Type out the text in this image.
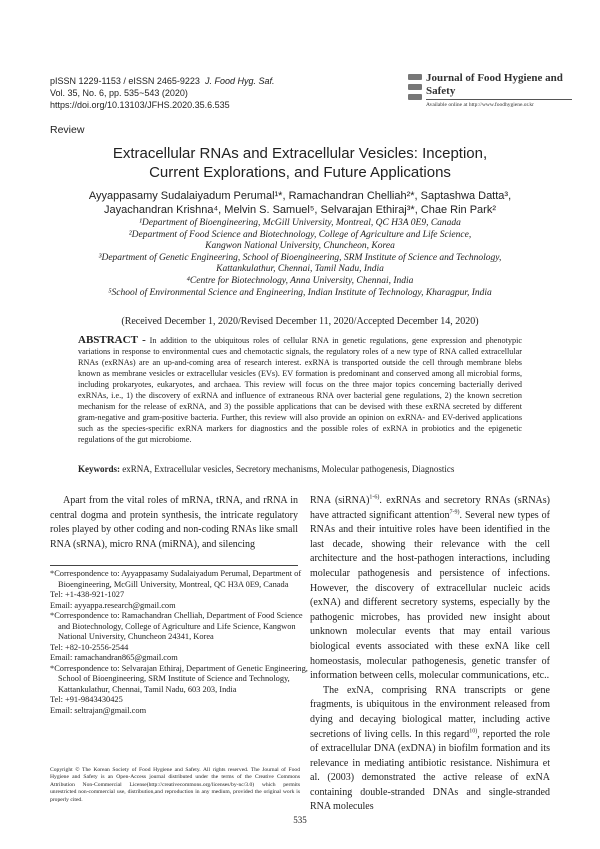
pISSN 1229-1153 / eISSN 2465-9223 J. Food Hyg. Saf.
Vol. 35, No. 6, pp. 535~543 (2020)
https://doi.org/10.13103/JFHS.2020.35.6.535
Journal of Food Hygiene and Safety
Available online at http://www.foodhygiene.or.kr
Review
Extracellular RNAs and Extracellular Vesicles: Inception,
Current Explorations, and Future Applications
Ayyappasamy Sudalaiyadum Perumal¹*, Ramachandran Chelliah²*, Saptashwa Datta³,
Jayachandran Krishna⁴, Melvin S. Samuel⁵, Selvarajan Ethiraj³*, Chae Rin Park²
¹Department of Bioengineering, McGill University, Montreal, QC H3A 0E9, Canada
²Department of Food Science and Biotechnology, College of Agriculture and Life Science,
Kangwon National University, Chuncheon, Korea
³Department of Genetic Engineering, School of Bioengineering, SRM Institute of Science and Technology,
Kattankulathur, Chennai, Tamil Nadu, India
⁴Centre for Biotechnology, Anna University, Chennai, India
⁵School of Environmental Science and Engineering, Indian Institute of Technology, Kharagpur, India
(Received December 1, 2020/Revised December 11, 2020/Accepted December 14, 2020)
ABSTRACT - In addition to the ubiquitous roles of cellular RNA in genetic regulations, gene expression and phenotypic variations in response to environmental cues and chemotactic signals, the regulatory roles of a new type of RNA called extracellular RNAs (exRNAs) are an up-and-coming area of research interest. exRNA is transported outside the cell through membrane blebs known as membrane vesicles or extracellular vesicles (EVs). EV formation is predominant and conserved among all microbial forms, including prokaryotes, eukaryotes, and archaea. This review will focus on the three major topics concerning bacterially derived exRNAs, i.e., 1) the discovery of exRNA and influence of extraneous RNA over bacterial gene regulations, 2) the known secretion mechanism for the release of exRNA, and 3) the possible applications that can be devised with these exRNA secreted by different gram-negative and gram-positive bacteria. Further, this review will also provide an opinion on exRNA- and EV-derived applications such as the species-specific exRNA markers for diagnostics and the possible roles of exRNA in probiotics and the epigenetic regulations of the gut microbiome.
Keywords: exRNA, Extracellular vesicles, Secretory mechanisms, Molecular pathogenesis, Diagnostics
Apart from the vital roles of mRNA, tRNA, and rRNA in central dogma and protein synthesis, the intricate regulatory roles played by other coding and non-coding RNAs like small RNA (sRNA), micro RNA (miRNA), and silencing
RNA (siRNA)$^{1-6)}$. exRNAs and secretory RNAs (sRNAs) have attracted significant attention$^{7-9)}$. Several new types of RNAs and their intuitive roles have been identified in the last decade, showing their relevance with the cell architecture and the host-pathogen interactions, including molecular pathogenesis and persistence of infections. However, the discovery of extracellular nucleic acids (exNA) and different secretory systems, especially by the pathogenic microbes, has provided new insight about unknown molecular events that may entail various biological events associated with these exNA like cell homeostasis, molecular pathogenesis, genetic transfer of information between cells, molecular communications, etc..
The exNA, comprising RNA transcripts or gene fragments, is ubiquitous in the environment released from dying and decaying biological matter, including active secretions of living cells. In this regard$^{10)}$, reported the role of extracellular DNA (exDNA) in biofilm formation and its relevance in mediating antibiotic resistance. Nishimura et al. (2003) demonstrated the active release of exNA containing double-stranded DNAs and single-stranded RNA molecules

*Correspondence to: Ayyappasamy Sudalaiyadum Perumal, Department of Bioengineering, McGill University, Montreal, QC H3A 0E9, Canada

Tel: +1-438-921-1027

Email: ayyappa.research@gmail.com

*Correspondence to: Ramachandran Chelliah, Department of Food Science and Biotechnology, College of Agriculture and Life Science, Kangwon National University, Chuncheon 24341, Korea

Tel: +82-10-2556-2544

Email: ramachandran865@gmail.com

*Correspondence to: Selvarajan Ethiraj, Department of Genetic Engineering, School of Bioengineering, SRM Institute of Science and Technology, Kattankulathur, Chennai, Tamil Nadu, 603 203, India

Tel: +91-9843430425

Email: seltrajan@gmail.com

Copyright © The Korean Society of Food Hygiene and Safety. All rights reserved. The Journal of Food Hygiene and Safety is an Open-Access journal distributed under the terms of the Creative Commons Attribution Non-Commercial License(http://creativecommons.org/licenses/by-nc/3.0) which permits unrestricted non-commercial use, distribution,and reproduction in any medium, provided the original work is properly cited.
535
